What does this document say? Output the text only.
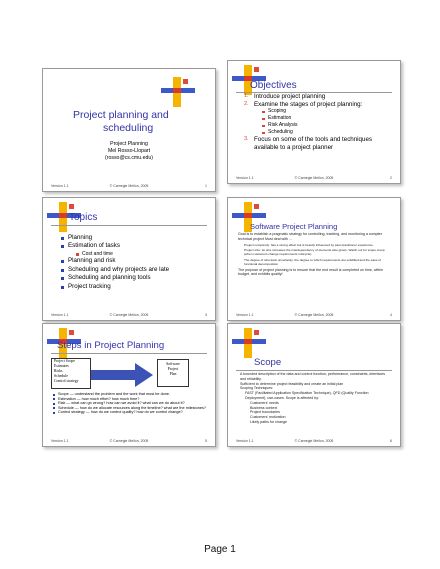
Project planning and
scheduling
Project Planning
Mel Rosso-Llopart
(rosso@cs.cmu.edu)
Version 1.1	© Carnegie Mellon, 2005	1
Objectives
1. Introduce project planning
2. Examine the stages of project planning:
Scoping
Estimation
Risk Analysis
Scheduling
3. Focus on some of the tools and techniques available to a project planner
Version 1.1	© Carnegie Mellon, 2005	2
Topics
Planning
Estimation of tasks
Cost and time
Planning and risk
Scheduling and why projects are late
Scheduling and planning tools
Project tracking
Version 1.1	© Carnegie Mellon, 2005	3
Software Project Planning

Goal is to establish a pragmatic strategy for controlling, tracking, and monitoring a complex technical project Must deal with ...

Project complexity: has a strong effect but is heavily influenced by past practitioner experience

Project size: as size increases the interdependency of elements also grows. Watch out for scope creep (when customers change requirements midcycle)

The degree of structural uncertainty: the degree to which requirements are solidified and the ease of functional decomposition

The purpose of project planning is to ensure that the end result is completed on time, within budget, and exhibits quality!

Version 1.1	© Carnegie Mellon, 2005	4
Steps in Project Planning
Project Scope
Estimates
Risks
Schedule
Control strategy
Software
Project
Plan
Scope — understand the problem and the work that must be done.
Estimation — how much effort? how much time?
Risk — what can go wrong? how can we avoid it? what can we do about it?
Schedule — how do we allocate resources along the timeline? what are the milestones?
Control strategy — how do we control quality? how do we control change?
Version 1.1	© Carnegie Mellon, 2005	5
Scope
A bounded description of the data and control function, performance, constraints, interfaces and reliability.
Sufficient to determine project feasibility and create an initial plan
Scoping Techniques:
FAST (Facilitated Application Specification Technique), QFD (Quality Function Deployment), use-cases. Scope is affected by:
Customers' needs
Business context
Project boundaries
Customers' motivation
Likely paths for change
Version 1.1	© Carnegie Mellon, 2005	6
Page 1
